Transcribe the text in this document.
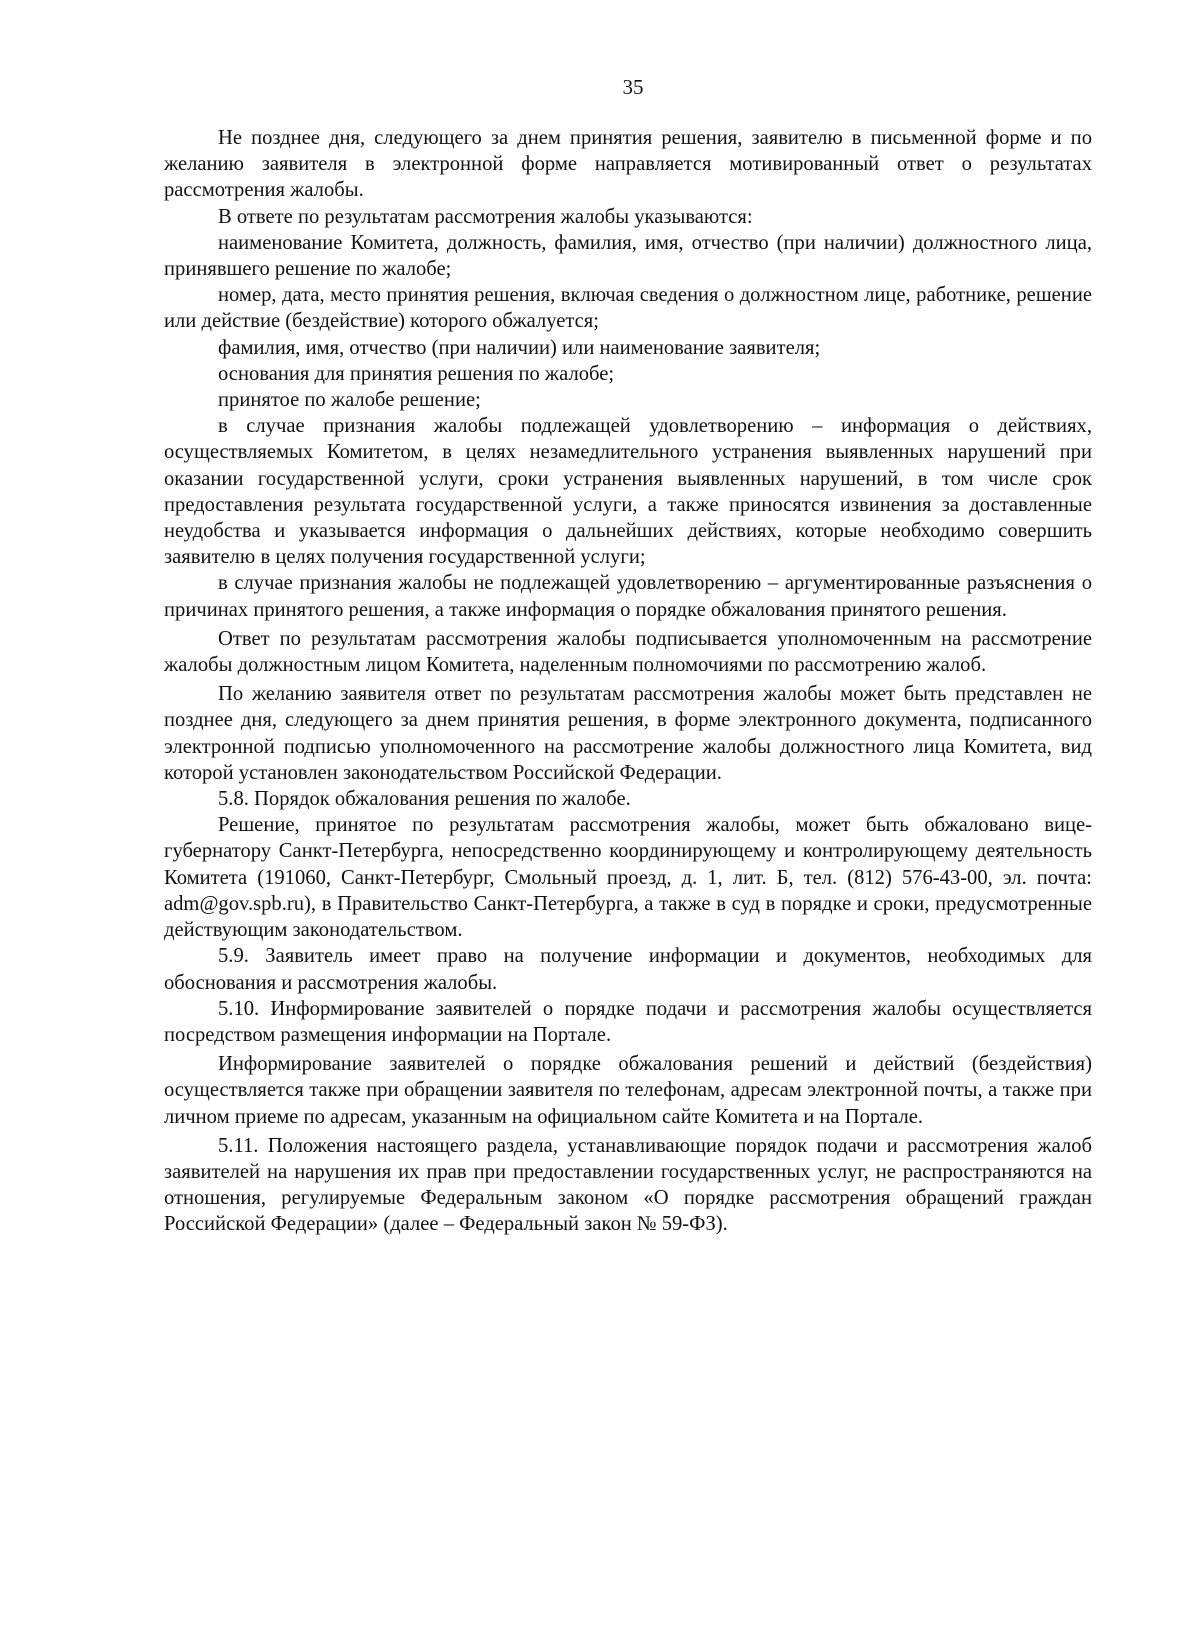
35

Не позднее дня, следующего за днем принятия решения, заявителю в письменной форме и по желанию заявителя в электронной форме направляется мотивированный ответ о результатах рассмотрения жалобы.

В ответе по результатам рассмотрения жалобы указываются:

наименование Комитета, должность, фамилия, имя, отчество (при наличии) должностного лица, принявшего решение по жалобе;

номер, дата, место принятия решения, включая сведения о должностном лице, работнике, решение или действие (бездействие) которого обжалуется;

фамилия, имя, отчество (при наличии) или наименование заявителя;

основания для принятия решения по жалобе;

принятое по жалобе решение;

в случае признания жалобы подлежащей удовлетворению – информация о действиях, осуществляемых Комитетом, в целях незамедлительного устранения выявленных нарушений при оказании государственной услуги, сроки устранения выявленных нарушений, в том числе срок предоставления результата государственной услуги, а также приносятся извинения за доставленные неудобства и указывается информация о дальнейших действиях, которые необходимо совершить заявителю в целях получения государственной услуги;

в случае признания жалобы не подлежащей удовлетворению – аргументированные разъяснения о причинах принятого решения, а также информация о порядке обжалования принятого решения.

Ответ по результатам рассмотрения жалобы подписывается уполномоченным на рассмотрение жалобы должностным лицом Комитета, наделенным полномочиями по рассмотрению жалоб.

По желанию заявителя ответ по результатам рассмотрения жалобы может быть представлен не позднее дня, следующего за днем принятия решения, в форме электронного документа, подписанного электронной подписью уполномоченного на рассмотрение жалобы должностного лица Комитета, вид которой установлен законодательством Российской Федерации.

5.8. Порядок обжалования решения по жалобе.

Решение, принятое по результатам рассмотрения жалобы, может быть обжаловано вице-губернатору Санкт-Петербурга, непосредственно координирующему и контролирующему деятельность Комитета (191060, Санкт-Петербург, Смольный проезд, д. 1, лит. Б, тел. (812) 576-43-00, эл. почта: adm@gov.spb.ru), в Правительство Санкт-Петербурга, а также в суд в порядке и сроки, предусмотренные действующим законодательством.

5.9. Заявитель имеет право на получение информации и документов, необходимых для обоснования и рассмотрения жалобы.

5.10. Информирование заявителей о порядке подачи и рассмотрения жалобы осуществляется посредством размещения информации на Портале.

Информирование заявителей о порядке обжалования решений и действий (бездействия) осуществляется также при обращении заявителя по телефонам, адресам электронной почты, а также при личном приеме по адресам, указанным на официальном сайте Комитета и на Портале.

5.11. Положения настоящего раздела, устанавливающие порядок подачи и рассмотрения жалоб заявителей на нарушения их прав при предоставлении государственных услуг, не распространяются на отношения, регулируемые Федеральным законом «О порядке рассмотрения обращений граждан Российской Федерации» (далее – Федеральный закон № 59-ФЗ).
